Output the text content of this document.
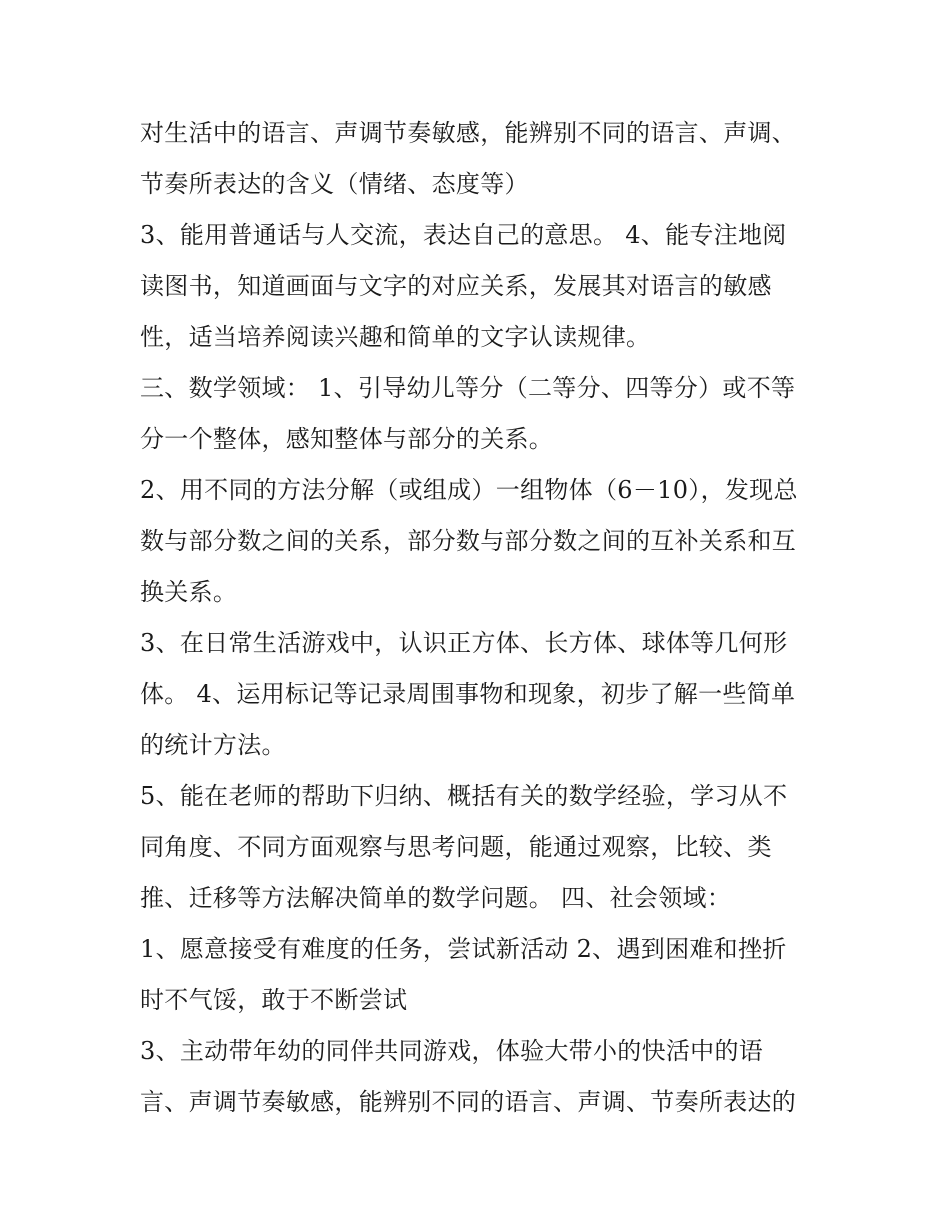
对生活中的语言、声调节奏敏感，能辨别不同的语言、声调、
节奏所表达的含义（情绪、态度等）
3、能用普通话与人交流，表达自己的意思。 4、能专注地阅
读图书，知道画面与文字的对应关系，发展其对语言的敏感
性，适当培养阅读兴趣和简单的文字认读规律。
三、数学领域： 1、引导幼儿等分（二等分、四等分）或不等
分一个整体，感知整体与部分的关系。
2、用不同的方法分解（或组成）一组物体（6－10），发现总
数与部分数之间的关系，部分数与部分数之间的互补关系和互
换关系。
3、在日常生活游戏中，认识正方体、长方体、球体等几何形
体。 4、运用标记等记录周围事物和现象，初步了解一些简单
的统计方法。
5、能在老师的帮助下归纳、概括有关的数学经验，学习从不
同角度、不同方面观察与思考问题，能通过观察，比较、类
推、迁移等方法解决简单的数学问题。 四、社会领域：
1、愿意接受有难度的任务，尝试新活动 2、遇到困难和挫折
时不气馁，敢于不断尝试
3、主动带年幼的同伴共同游戏，体验大带小的快活中的语
言、声调节奏敏感，能辨别不同的语言、声调、节奏所表达的
